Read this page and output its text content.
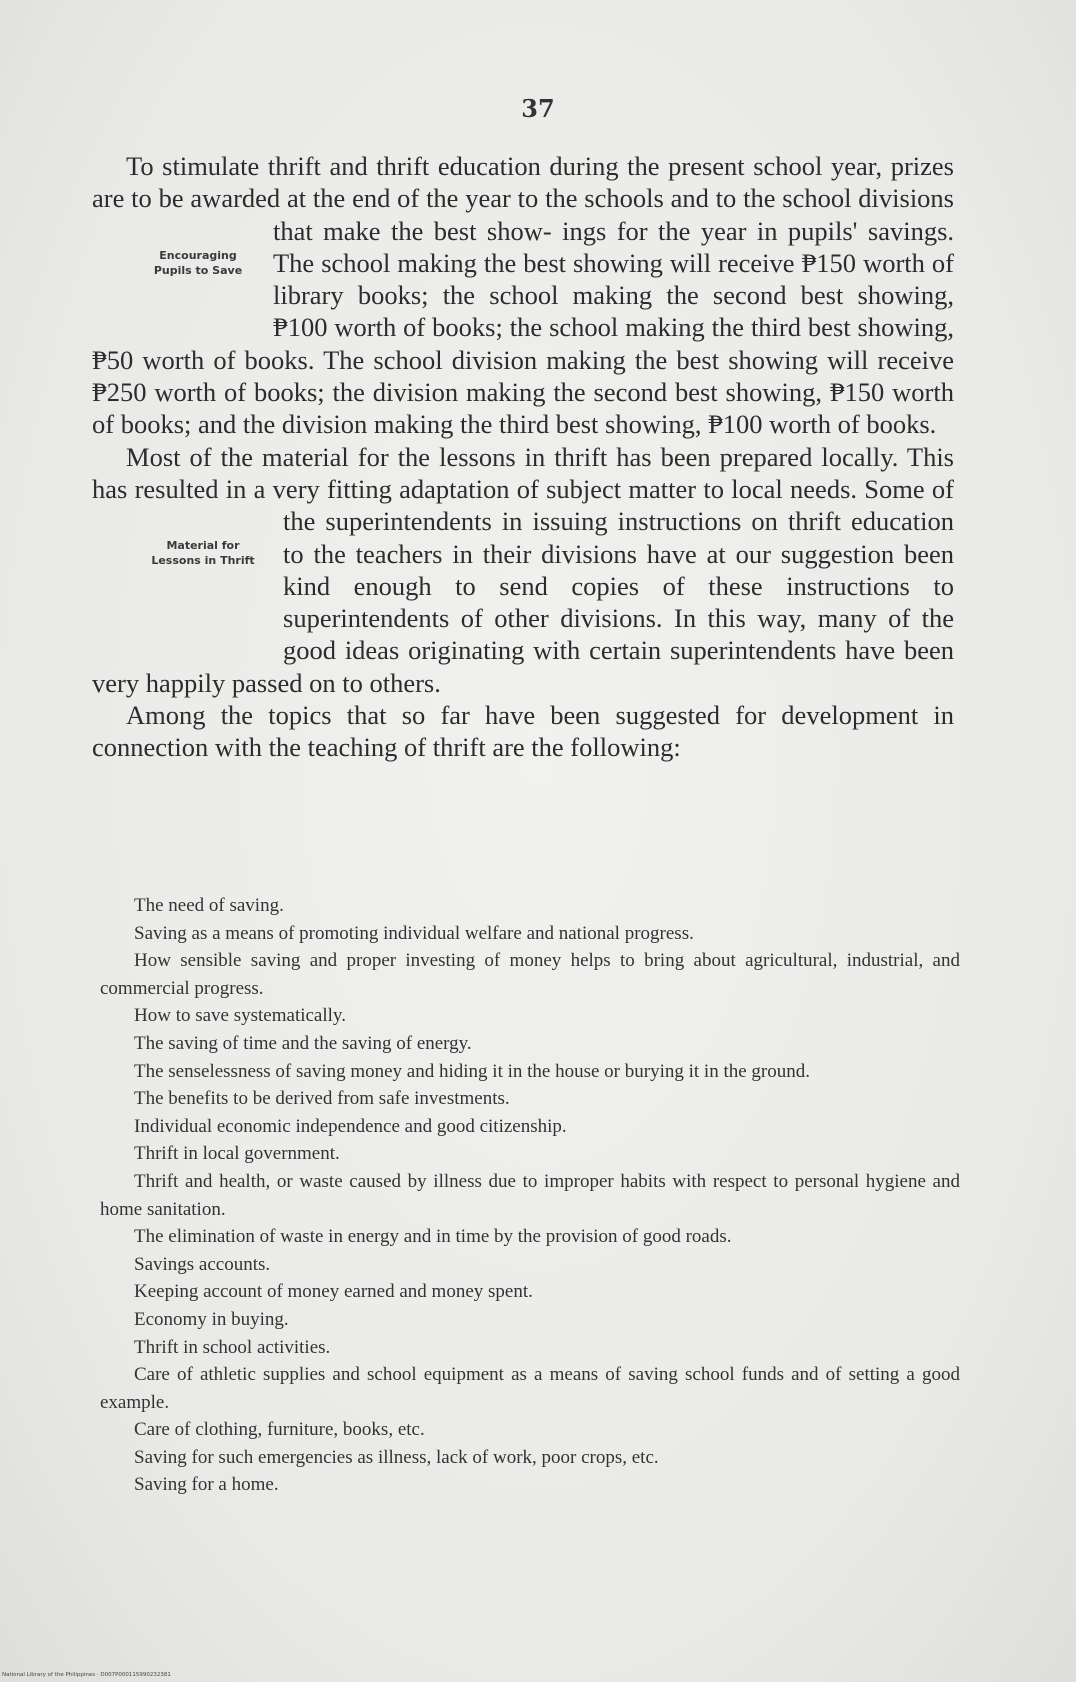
37

To stimulate thrift and thrift education during the present school year, prizes are to be awarded at the end of the year to the schools and to the school divisions that make the best show-
Encouraging
Pupils to Save
ings for the year in pupils' savings. The school making the best showing will receive ₱150 worth of library books; the school making the second best showing, ₱100 worth of books; the school making the third best showing, ₱50 worth of books. The school division making the best showing will receive ₱250 worth of books; the division making the second best showing, ₱150 worth of books; and the division making the third best showing, ₱100 worth of books.

Most of the material for the lessons in thrift has been prepared locally. This has resulted in a very fitting adaptation of subject matter to local needs. Some of the superintendents in
Material for
Lessons in Thrift
issuing instructions on thrift education to the teachers in their divisions have at our suggestion been kind enough to send copies of these instructions to superintendents of other divisions. In this way, many of the good ideas originating with certain superintendents have been very happily passed on to others.

Among the topics that so far have been suggested for development in connection with the teaching of thrift are the following:

The need of saving.

Saving as a means of promoting individual welfare and national progress.

How sensible saving and proper investing of money helps to bring about agricultural, industrial, and commercial progress.

How to save systematically.

The saving of time and the saving of energy.

The senselessness of saving money and hiding it in the house or burying it in the ground.

The benefits to be derived from safe investments.

Individual economic independence and good citizenship.

Thrift in local government.

Thrift and health, or waste caused by illness due to improper habits with respect to personal hygiene and home sanitation.

The elimination of waste in energy and in time by the provision of good roads.

Savings accounts.

Keeping account of money earned and money spent.

Economy in buying.

Thrift in school activities.

Care of athletic supplies and school equipment as a means of saving school funds and of setting a good example.

Care of clothing, furniture, books, etc.

Saving for such emergencies as illness, lack of work, poor crops, etc.

Saving for a home.

National Library of the Philippines · D007P000115990232381
